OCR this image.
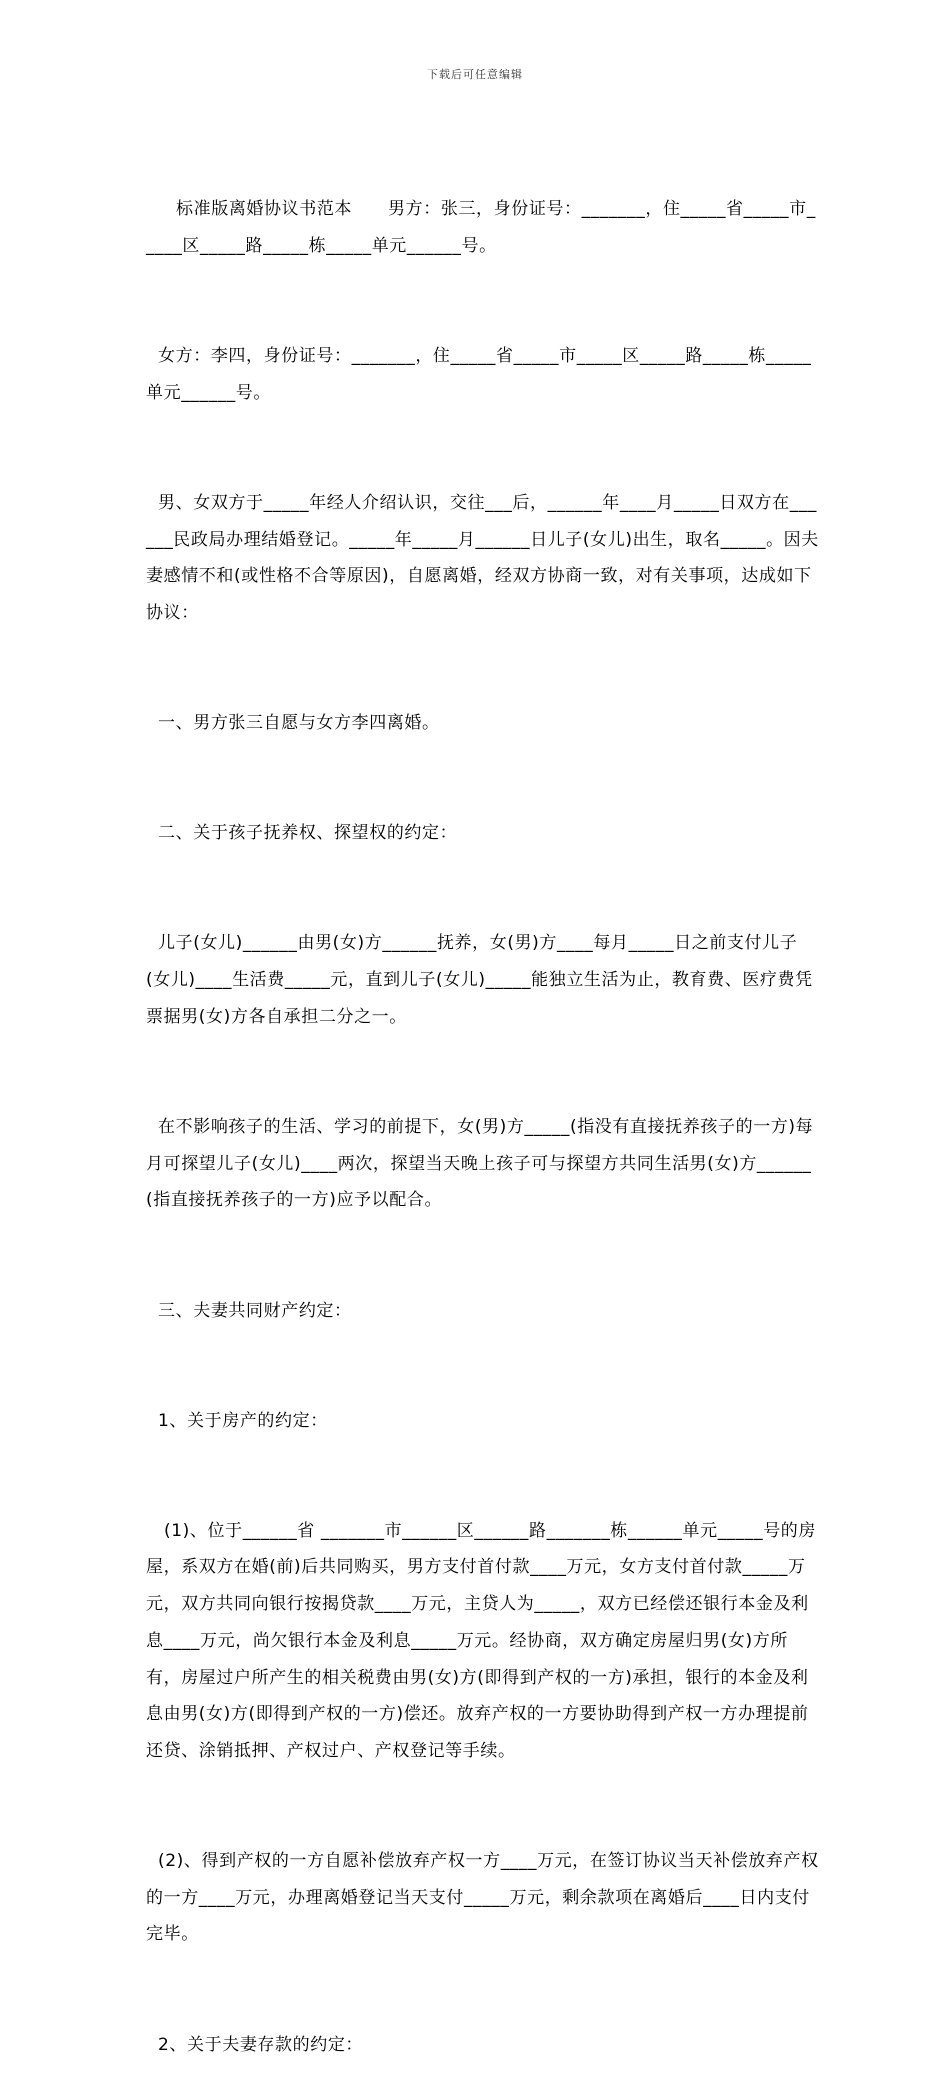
下载后可任意编辑

标准版离婚协议书范本      男方：张三，身份证号：_______，住_____省_____市_____区_____路_____栋_____单元______号。

女方：李四，身份证号：_______，住_____省_____市_____区_____路_____栋_____单元______号。

男、女双方于_____年经人介绍认识，交往___后，______年____月_____日双方在______民政局办理结婚登记。_____年_____月______日儿子(女儿)出生，取名_____。因夫妻感情不和(或性格不合等原因)，自愿离婚，经双方协商一致，对有关事项，达成如下协议：

一、男方张三自愿与女方李四离婚。

二、关于孩子抚养权、探望权的约定：

儿子(女儿)______由男(女)方______抚养，女(男)方____每月_____日之前支付儿子(女儿)____生活费_____元，直到儿子(女儿)_____能独立生活为止，教育费、医疗费凭票据男(女)方各自承担二分之一。

在不影响孩子的生活、学习的前提下，女(男)方_____(指没有直接抚养孩子的一方)每月可探望儿子(女儿)____两次，探望当天晚上孩子可与探望方共同生活男(女)方______(指直接抚养孩子的一方)应予以配合。

三、夫妻共同财产约定：

1、关于房产的约定：

(1)、位于______省 _______市______区______路_______栋______单元_____号的房屋，系双方在婚(前)后共同购买，男方支付首付款____万元，女方支付首付款_____万元，双方共同向银行按揭贷款____万元，主贷人为_____，双方已经偿还银行本金及利息____万元，尚欠银行本金及利息_____万元。经协商，双方确定房屋归男(女)方所有，房屋过户所产生的相关税费由男(女)方(即得到产权的一方)承担，银行的本金及利息由男(女)方(即得到产权的一方)偿还。放弃产权的一方要协助得到产权一方办理提前还贷、涂销抵押、产权过户、产权登记等手续。

(2)、得到产权的一方自愿补偿放弃产权一方____万元，在签订协议当天补偿放弃产权的一方____万元，办理离婚登记当天支付_____万元，剩余款项在离婚后____日内支付完毕。

2、关于夫妻存款的约定：
